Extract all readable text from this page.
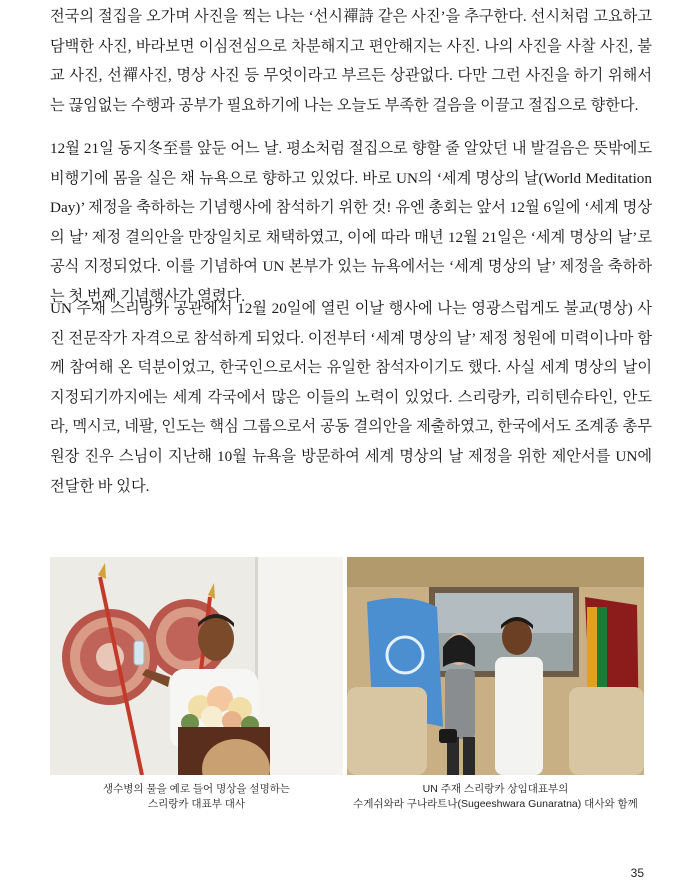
전국의 절집을 오가며 사진을 찍는 나는 ‘선시禪詩 같은 사진’을 추구한다. 선시처럼 고요하고 담백한 사진, 바라보면 이심전심으로 차분해지고 편안해지는 사진. 나의 사진을 사찰 사진, 불교 사진, 선禪사진, 명상 사진 등 무엇이라고 부르든 상관없다. 다만 그런 사진을 하기 위해서는 끊임없는 수행과 공부가 필요하기에 나는 오늘도 부족한 걸음을 이끌고 절집으로 향한다.

12월 21일 동지冬至를 앞둔 어느 날. 평소처럼 절집으로 향할 줄 알았던 내 발걸음은 뜻밖에도 비행기에 몸을 실은 채 뉴욕으로 향하고 있었다. 바로 UN의 ‘세계 명상의 날(World Meditation Day)’ 제정을 축하하는 기념행사에 참석하기 위한 것! 유엔 총회는 앞서 12월 6일에 ‘세계 명상의 날’ 제정 결의안을 만장일치로 채택하였고, 이에 따라 매년 12월 21일은 ‘세계 명상의 날’로 공식 지정되었다. 이를 기념하여 UN 본부가 있는 뉴욕에서는 ‘세계 명상의 날’ 제정을 축하하는 첫 번째 기념행사가 열렸다.

UN 주재 스리랑카 공관에서 12월 20일에 열린 이날 행사에 나는 영광스럽게도 불교(명상) 사진 전문작가 자격으로 참석하게 되었다. 이전부터 ‘세계 명상의 날’ 제정 청원에 미력이나마 함께 참여해 온 덕분이었고, 한국인으로서는 유일한 참석자이기도 했다. 사실 세계 명상의 날이 지정되기까지에는 세계 각국에서 많은 이들의 노력이 있었다. 스리랑카, 리히텐슈타인, 안도라, 멕시코, 네팔, 인도는 핵심 그룹으로서 공동 결의안을 제출하였고, 한국에서도 조계종 총무원장 진우 스님이 지난해 10월 뉴욕을 방문하여 세계 명상의 날 제정을 위한 제안서를 UN에 전달한 바 있다.

생수병의 물을 예로 들어 명상을 설명하는
스리랑카 대표부 대사
UN 주재 스리랑카 상임대표부의
수게쉬와라 구나라트나(Sugeeshwara Gunaratna) 대사와 함께
35
